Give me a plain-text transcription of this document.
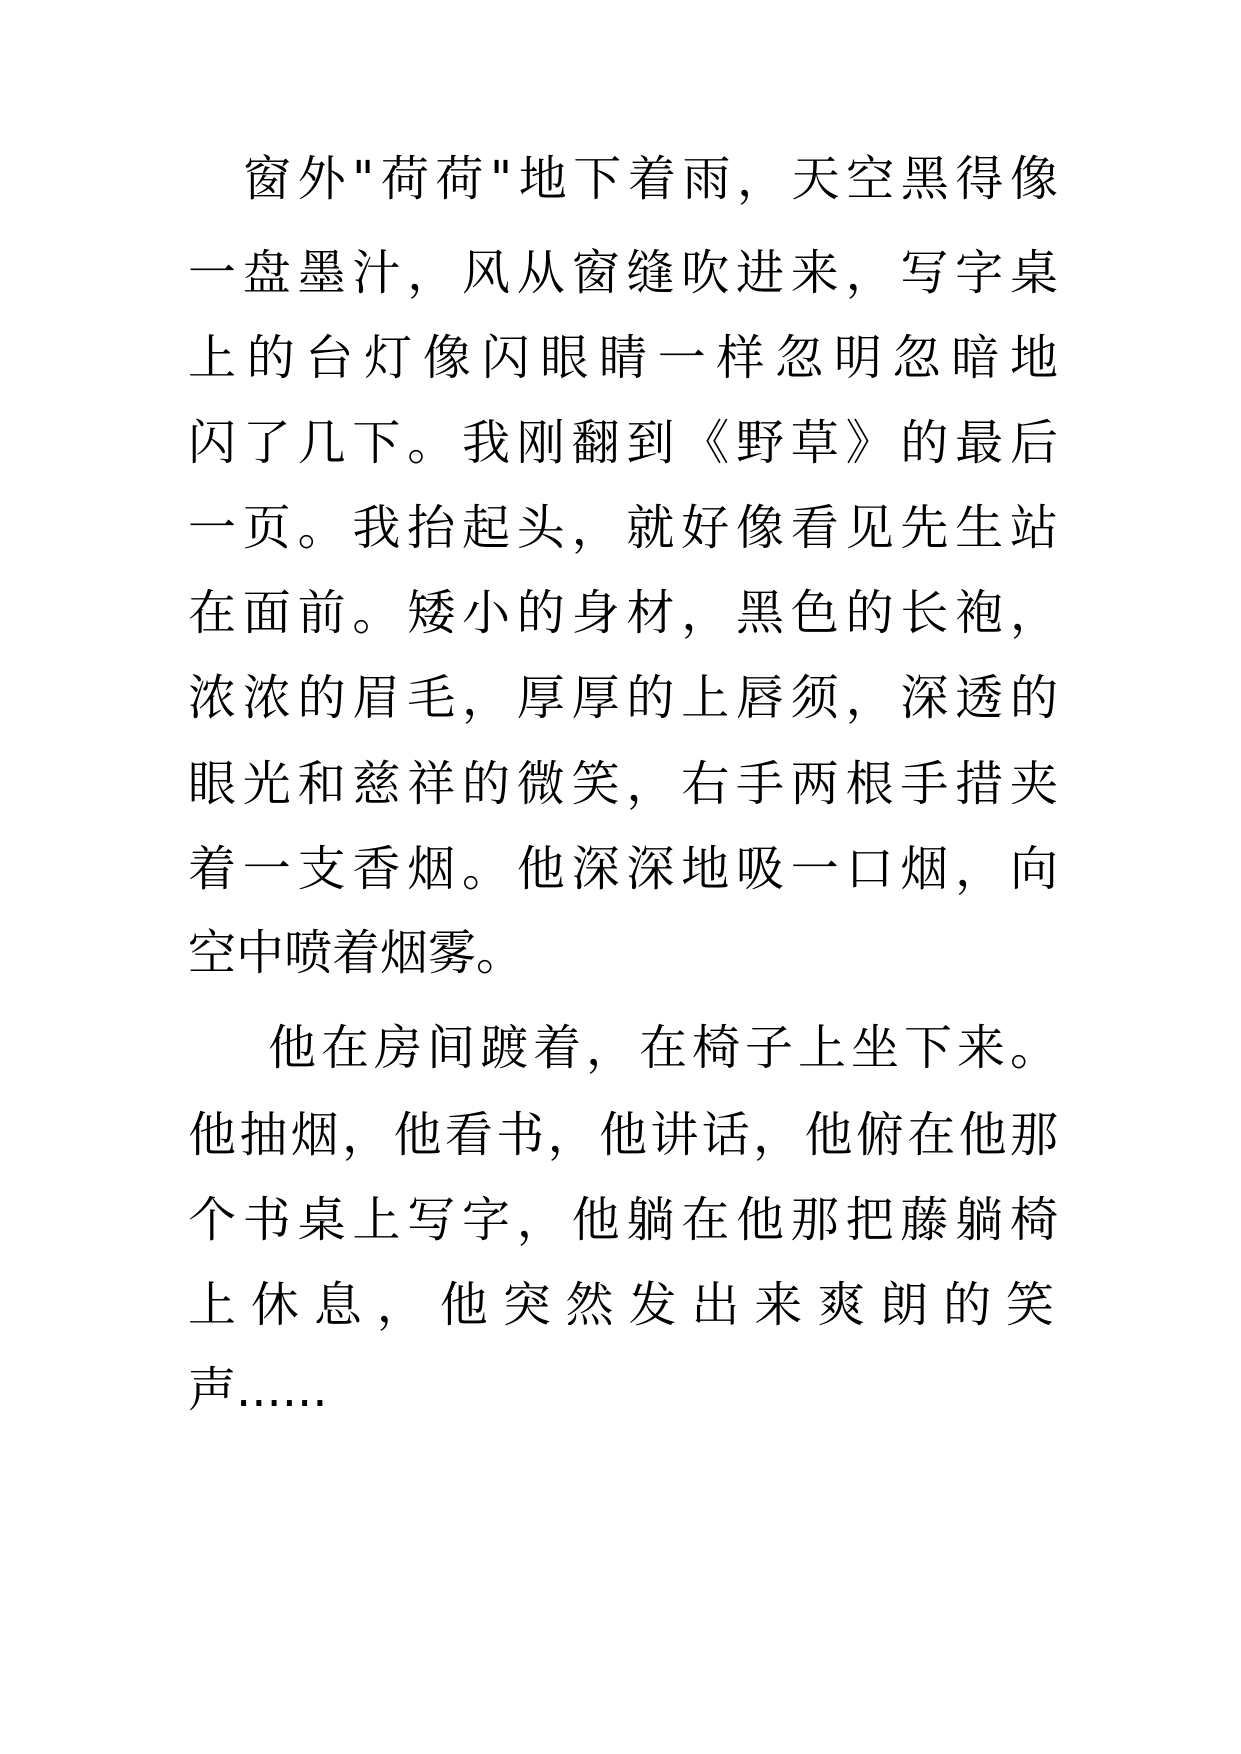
窗外"荷荷"地下着雨，天空黑得像
一盘墨汁，风从窗缝吹进来，写字桌
上的台灯像闪眼睛一样忽明忽暗地
闪了几下。我刚翻到《野草》的最后
一页。我抬起头，就好像看见先生站
在面前。矮小的身材，黑色的长袍，
浓浓的眉毛，厚厚的上唇须，深透的
眼光和慈祥的微笑，右手两根手措夹
着一支香烟。他深深地吸一口烟，向
空中喷着烟雾。
他在房间踱着，在椅子上坐下来。
他抽烟，他看书，他讲话，他俯在他那
个书桌上写字，他躺在他那把藤躺椅
上休息，他突然发出来爽朗的笑
声......
